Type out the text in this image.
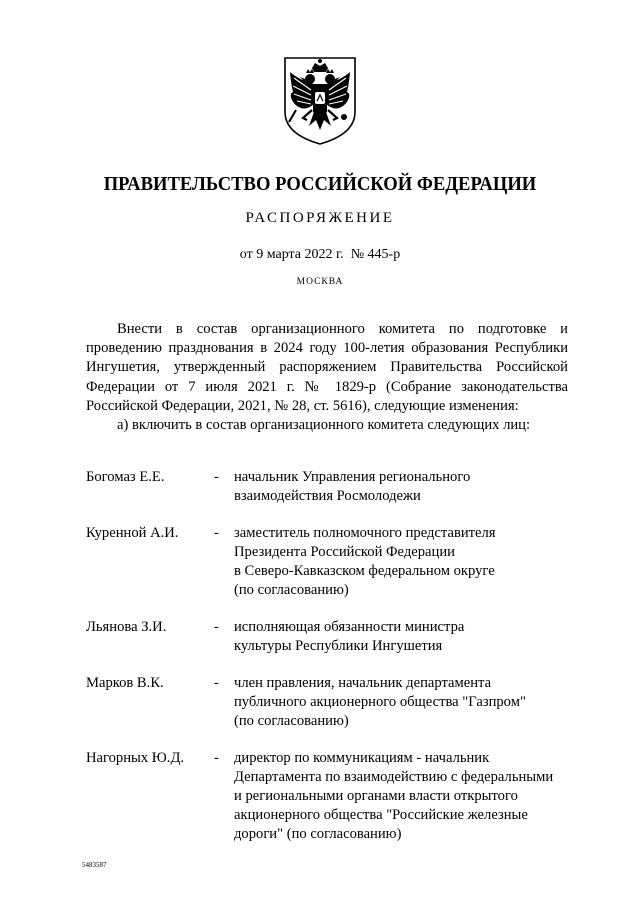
ПРАВИТЕЛЬСТВО РОССИЙСКОЙ ФЕДЕРАЦИИ
РАСПОРЯЖЕНИЕ
от 9 марта 2022 г. № 445-р
МОСКВА

Внести в состав организационного комитета по подготовке и проведению празднования в 2024 году 100-летия образования Республики Ингушетия, утвержденный распоряжением Правительства Российской Федерации от 7 июля 2021 г. № 1829-р (Собрание законодательства Российской Федерации, 2021, № 28, ст. 5616), следующие изменения:

а) включить в состав организационного комитета следующих лиц:

Богомаз Е.Е.	- начальник Управления регионального
взаимодействия Росмолодежи
Куренной А.И. - заместитель полномочного представителя
Президента Российской Федерации
в Северо-Кавказском федеральном округе
(по согласованию)
Льянова З.И.	- исполняющая обязанности министра
культуры Республики Ингушетия
Марков В.К.	- член правления, начальник департамента
публичного акционерного общества "Газпром"
(по согласованию)
Нагорных Ю.Д. - директор по коммуникациям - начальник
Департамента по взаимодействию с федеральными
и региональными органами власти открытого
акционерного общества "Российские железные
дороги" (по согласованию)
5483587
